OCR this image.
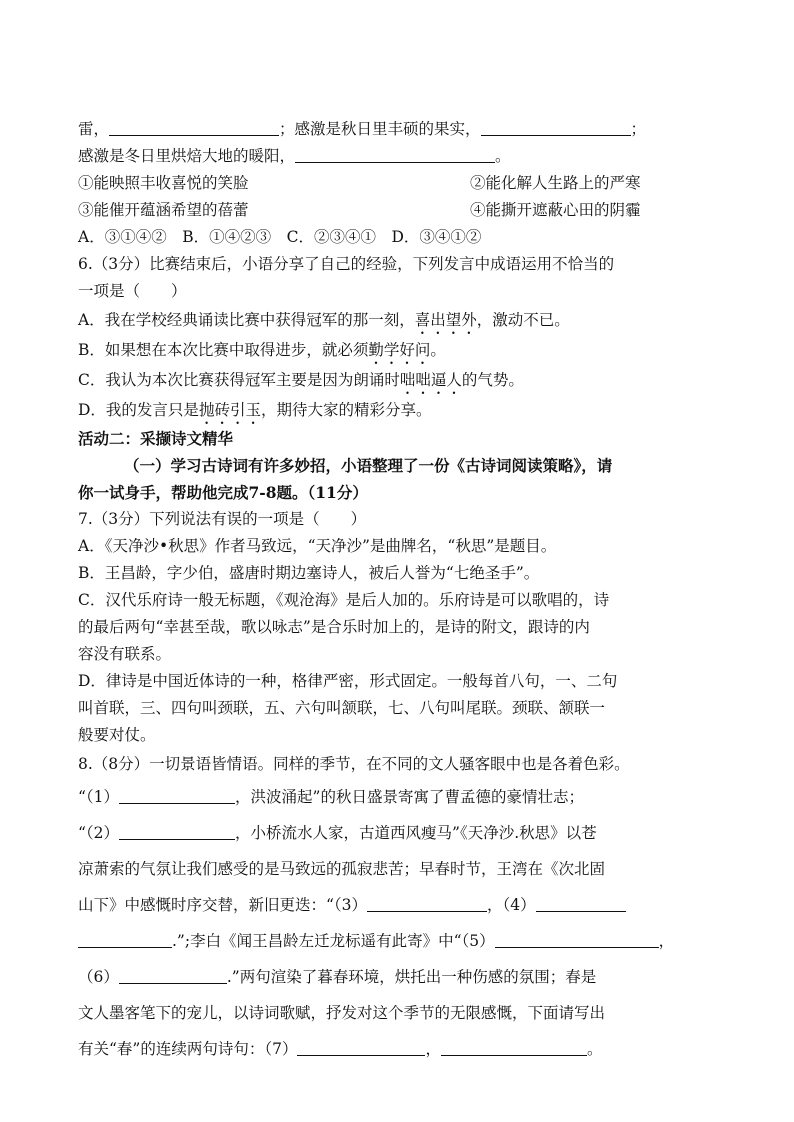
雷，	；感激是秋日里丰硕的果实，	；
感激是冬日里烘焙大地的暖阳，	。
①能映照丰收喜悦的笑脸	②能化解人生路上的严寒
③能催开蕴涵希望的蓓蕾	④能撕开遮蔽心田的阴霾
A．③①④②　B．①④②③　C．②③④①　D．③④①②
6.（3分）比赛结束后，小语分享了自己的经验，下列发言中成语运用不恰当的
一项是（　　）
A．我在学校经典诵读比赛中获得冠军的那一刻，喜出望外，激动不已。
B．如果想在本次比赛中取得进步，就必须勤学好问。
C．我认为本次比赛获得冠军主要是因为朗诵时咄咄逼人的气势。
D．我的发言只是抛砖引玉，期待大家的精彩分享。
活动二：采撷诗文精华
（一）学习古诗词有许多妙招，小语整理了一份《古诗词阅读策略》，请
你一试身手，帮助他完成7-8题。（11分）
7.（3分）下列说法有误的一项是（　　）
A．《天净沙•秋思》作者马致远，“天净沙”是曲牌名，“秋思”是题目。
B．王昌龄，字少伯，盛唐时期边塞诗人，被后人誉为“七绝圣手”。
C．汉代乐府诗一般无标题，《观沧海》是后人加的。乐府诗是可以歌唱的，诗
的最后两句“幸甚至哉，歌以咏志”是合乐时加上的，是诗的附文，跟诗的内
容没有联系。
D．律诗是中国近体诗的一种，格律严密，形式固定。一般每首八句，一、二句
叫首联，三、四句叫颈联，五、六句叫颔联，七、八句叫尾联。颈联、颔联一
般要对仗。
8.（8分）一切景语皆情语。同样的季节，在不同的文人骚客眼中也是各着色彩。
“（1）	，洪波涌起”的秋日盛景寄寓了曹孟德的豪情壮志；
“（2）	，小桥流水人家，古道西风瘦马”《天净沙.秋思》以苍
凉萧索的气氛让我们感受的是马致远的孤寂悲苦；早春时节，王湾在《次北固
山下》中感慨时序交替，新旧更迭：“（3）	，（4）
.”;李白《闻王昌龄左迁龙标遥有此寄》中“（5）	，
（6）	.”两句渲染了暮春环境，烘托出一种伤感的氛围；春是
文人墨客笔下的宠儿，以诗词歌赋，抒发对这个季节的无限感慨，下面请写出
有关“春”的连续两句诗句：（7）	，	。
